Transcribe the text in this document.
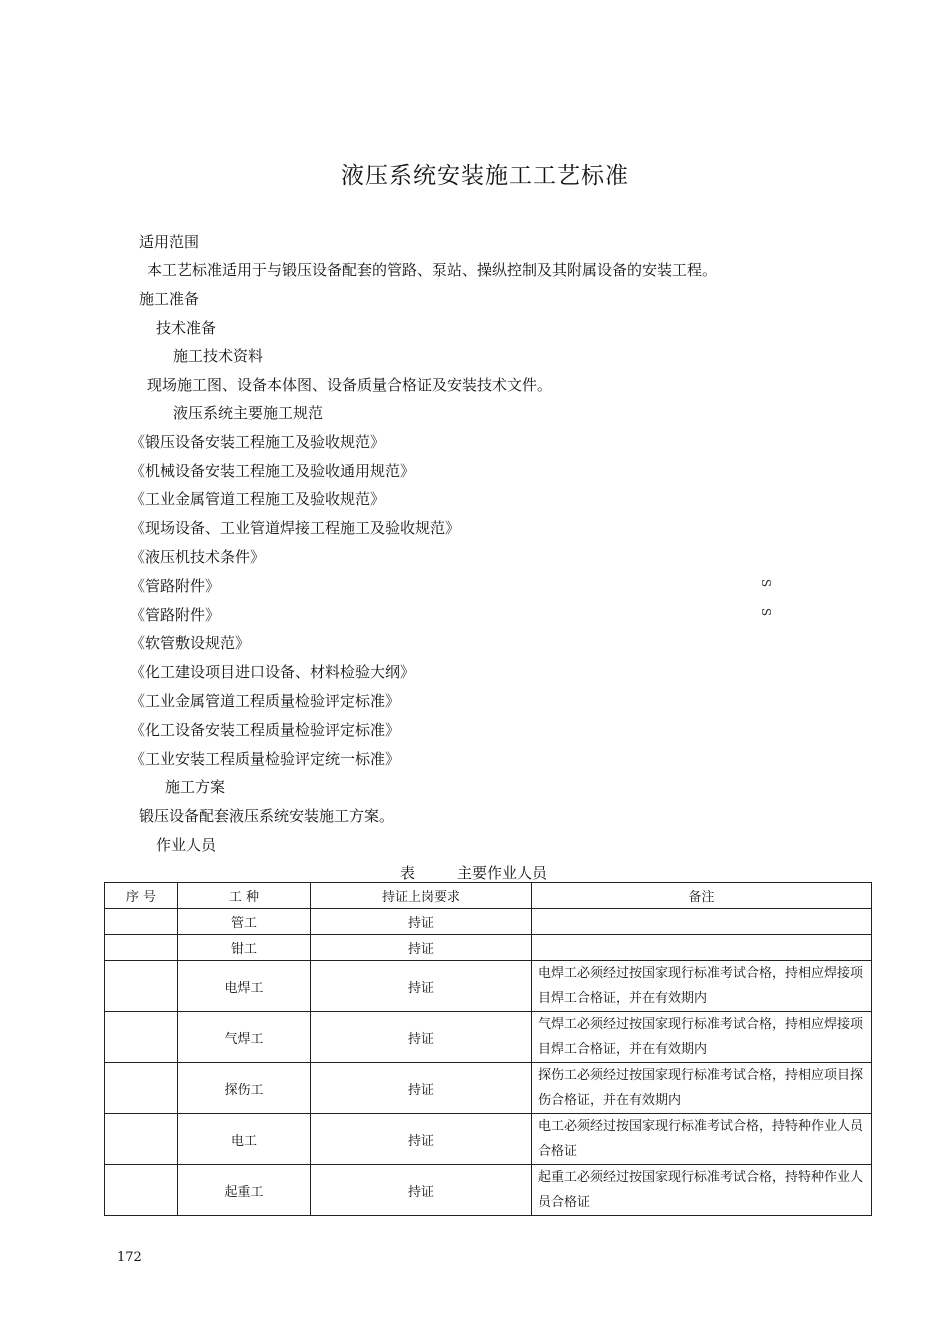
液压系统安装施工工艺标准
适用范围
本工艺标准适用于与锻压设备配套的管路、泵站、操纵控制及其附属设备的安装工程。
施工准备
技术准备
施工技术资料
现场施工图、设备本体图、设备质量合格证及安装技术文件。
液压系统主要施工规范
《锻压设备安装工程施工及验收规范》
《机械设备安装工程施工及验收通用规范》
《工业金属管道工程施工及验收规范》
《现场设备、工业管道焊接工程施工及验收规范》
《液压机技术条件》
《管路附件》	S
《管路附件》	S
《软管敷设规范》
《化工建设项目进口设备、材料检验大纲》
《工业金属管道工程质量检验评定标准》
《化工设备安装工程质量检验评定标准》
《工业安装工程质量检验评定统一标准》
施工方案
锻压设备配套液压系统安装施工方案。
作业人员
表	主要作业人员
序 号	工 种	持证上岗要求	备注
	管工	持证	
	钳工	持证	
	电焊工	持证	电焊工必须经过按国家现行标准考试合格，持相应焊接项目焊工合格证，并在有效期内
	气焊工	持证	气焊工必须经过按国家现行标准考试合格，持相应焊接项目焊工合格证，并在有效期内
	探伤工	持证	探伤工必须经过按国家现行标准考试合格，持相应项目探伤合格证，并在有效期内
	电工	持证	电工必须经过按国家现行标准考试合格，持特种作业人员合格证
	起重工	持证	起重工必须经过按国家现行标准考试合格，持特种作业人员合格证
172
